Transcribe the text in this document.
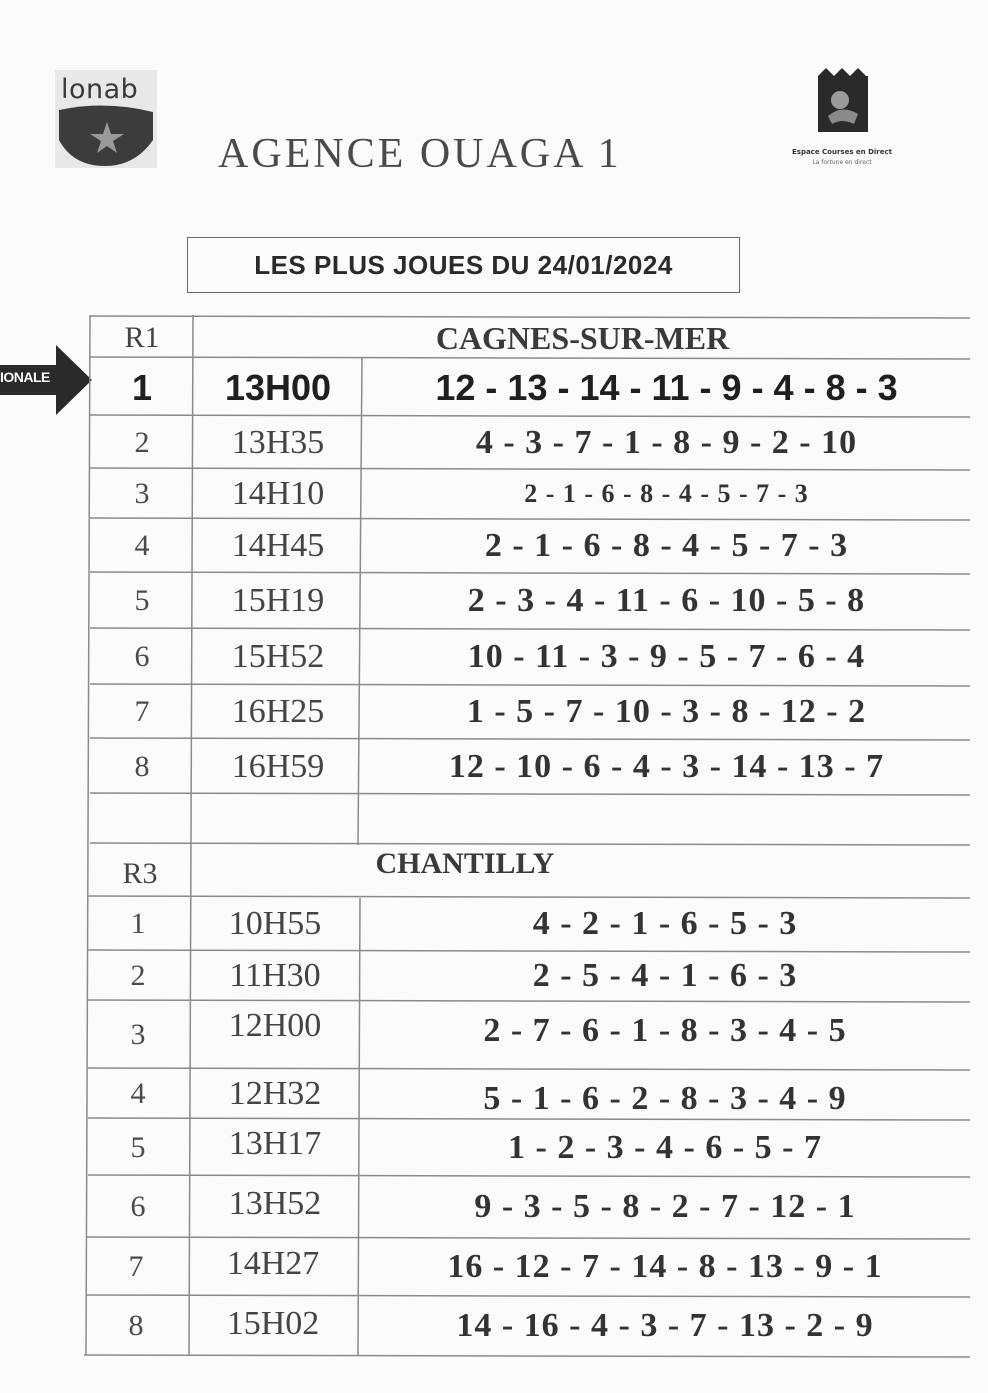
lonab
AGENCE OUAGA 1	Espace Courses en Direct
La fortune en direct
LES PLUS JOUES DU 24/01/2024
IONALE
R1	CAGNES-SUR-MER
1	13H00	12 - 13 - 14 - 11 - 9 - 4 - 8 - 3
2	13H35	4 - 3 - 7 - 1 - 8 - 9 - 2 - 10
3	14H10	2 - 1 - 6 - 8 - 4 - 5 - 7 - 3
4	14H45	2 - 1 - 6 - 8 - 4 - 5 - 7 - 3
5	15H19	2 - 3 - 4 - 11 - 6 - 10 - 5 - 8
6	15H52	10 - 11 - 3 - 9 - 5 - 7 - 6 - 4
7	16H25	1 - 5 - 7 - 10 - 3 - 8 - 12 - 2
8	16H59	12 - 10 - 6 - 4 - 3 - 14 - 13 - 7
R3	CHANTILLY
1	10H55	4 - 2 - 1 - 6 - 5 - 3
2	11H30	2 - 5 - 4 - 1 - 6 - 3
3	12H00	2 - 7 - 6 - 1 - 8 - 3 - 4 - 5
4	12H32	5 - 1 - 6 - 2 - 8 - 3 - 4 - 9
5	13H17	1 - 2 - 3 - 4 - 6 - 5 - 7
6	13H52	9 - 3 - 5 - 8 - 2 - 7 - 12 - 1
7	14H27	16 - 12 - 7 - 14 - 8 - 13 - 9 - 1
8	15H02	14 - 16 - 4 - 3 - 7 - 13 - 2 - 9
